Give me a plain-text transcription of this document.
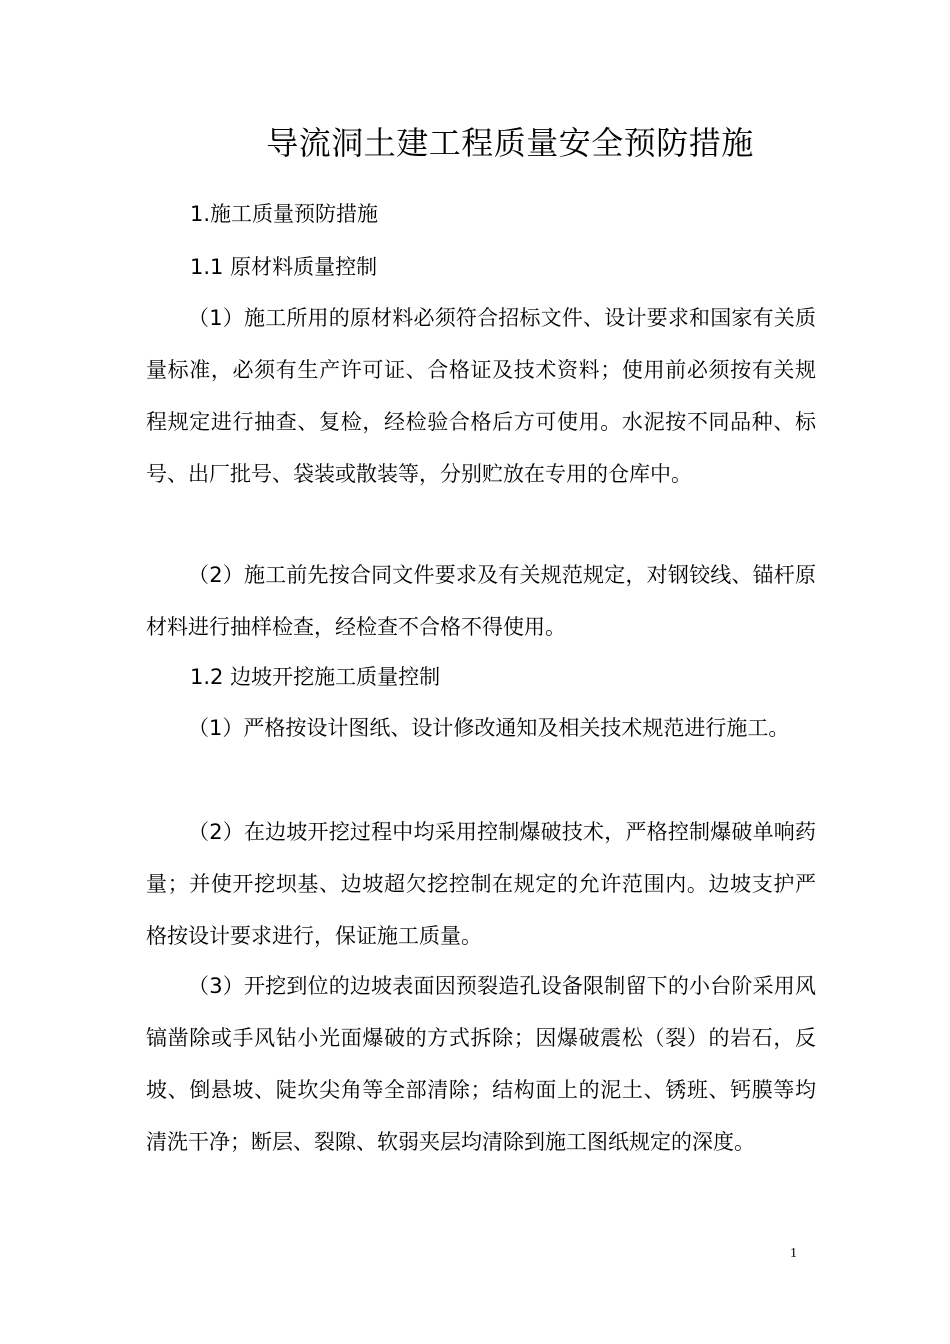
导流洞土建工程质量安全预防措施
1.施工质量预防措施
1.1 原材料质量控制

（1）施工所用的原材料必须符合招标文件、设计要求和国家有关质量标准，必须有生产许可证、合格证及技术资料；使用前必须按有关规程规定进行抽查、复检，经检验合格后方可使用。水泥按不同品种、标号、出厂批号、袋装或散装等，分别贮放在专用的仓库中。

（2）施工前先按合同文件要求及有关规范规定，对钢铰线、锚杆原材料进行抽样检查，经检查不合格不得使用。

1.2 边坡开挖施工质量控制

（1）严格按设计图纸、设计修改通知及相关技术规范进行施工。

（2）在边坡开挖过程中均采用控制爆破技术，严格控制爆破单响药量；并使开挖坝基、边坡超欠挖控制在规定的允许范围内。边坡支护严格按设计要求进行，保证施工质量。

（3）开挖到位的边坡表面因预裂造孔设备限制留下的小台阶采用风镐凿除或手风钻小光面爆破的方式拆除；因爆破震松（裂）的岩石，反坡、倒悬坡、陡坎尖角等全部清除；结构面上的泥土、锈班、钙膜等均清洗干净；断层、裂隙、软弱夹层均清除到施工图纸规定的深度。

1
